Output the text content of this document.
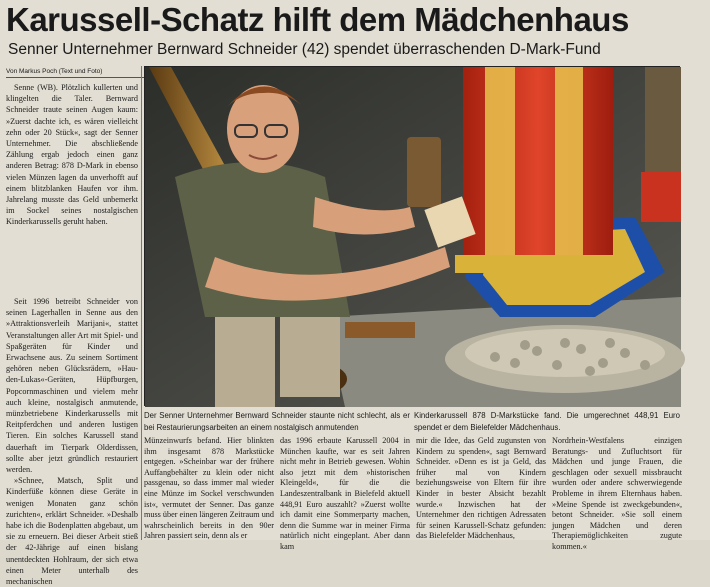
Karussell-Schatz hilft dem Mädchenhaus
Senner Unternehmer Bernward Schneider (42) spendet überraschenden D-Mark-Fund
Von Markus Poch (Text und Foto)

Senne (WB). Plötzlich kullerten und klingelten die Taler. Bernward Schneider traute seinen Augen kaum: »Zuerst dachte ich, es wären vielleicht zehn oder 20 Stück«, sagt der Senner Unternehmer. Die abschließende Zählung ergab jedoch einen ganz anderen Betrag: 878 D-Mark in ebenso vielen Münzen lagen da unverhofft auf einem blitzblanken Haufen vor ihm. Jahrelang musste das Geld unbemerkt im Sockel seines nostalgischen Kinderkarussells geruht haben.

Seit 1996 betreibt Schneider von seinen Lagerhallen in Senne aus den »Attraktionsverleih Marijani«, stattet Veranstaltungen aller Art mit Spiel- und Spaßgeräten für Kinder und Erwachsene aus. Zu seinem Sortiment gehören neben Glücksrädern, »Hau-den-Lukas«-Geräten, Hüpfburgen, Popcornmaschinen und vielem mehr auch kleine, nostalgisch anmutende, münzbetriebene Kinderkarussells mit Reitpferdchen und anderen lustigen Tieren. Ein solches Karussell stand dauerhaft im Tierpark Olderdissen, sollte aber jetzt gründlich restauriert werden.

»Schnee, Matsch, Split und Kinderfüße können diese Geräte in wenigen Monaten ganz schön zurichten«, erklärt Schneider. »Deshalb habe ich die Bodenplatten abgebaut, um sie zu erneuern. Bei dieser Arbeit stieß der 42-Jährige auf einen bislang unentdeckten Hohlraum, der sich etwa einen Meter unterhalb des mechanischen

Der Senner Unternehmer Bernward Schneider staunte nicht schlecht, als er bei Restaurierungsarbeiten an einem nostalgisch anmutenden
Kinderkarussell 878 D-Markstücke fand. Die umgerechnet 448,91 Euro spendet er dem Bielefelder Mädchenhaus.
Münzeinwurfs befand. Hier blinkten ihm insgesamt 878 Markstücke entgegen. »Scheinbar war der frühere Auffangbehälter zu klein oder nicht passgenau, so dass immer mal wieder eine Münze im Sockel verschwunden ist«, vermutet der Senner. Das ganze muss über einen längeren Zeitraum und wahrscheinlich bereits in den 90er Jahren passiert sein, denn als er
das 1996 erbaute Karussell 2004 in München kaufte, war es seit Jahren nicht mehr in Betrieb gewesen. Wohin also jetzt mit dem »historischen Kleingeld«, für die die Landeszentralbank in Bielefeld aktuell 448,91 Euro auszahlt? »Zuerst wollte ich damit eine Sommerparty machen, denn die Summe war in meiner Firma natürlich nicht eingeplant. Aber dann kam
mir die Idee, das Geld zugunsten von Kindern zu spenden«, sagt Bernward Schneider. »Denn es ist ja Geld, das früher mal von Kindern beziehungsweise von Eltern für ihre Kinder in bester Absicht bezahlt wurde.« Inzwischen hat der Unternehmer den richtigen Adressaten für seinen Karussell-Schatz gefunden: das Bielefelder Mädchenhaus,
Nordrhein-Westfalens einzigen Beratungs- und Zufluchtsort für Mädchen und junge Frauen, die geschlagen oder sexuell missbraucht wurden oder andere schwerwiegende Probleme in ihrem Elternhaus haben. »Meine Spende ist zweckgebunden«, betont Schneider. »Sie soll einem jungen Mädchen und deren Therapiemöglichkeiten zugute kommen.«
